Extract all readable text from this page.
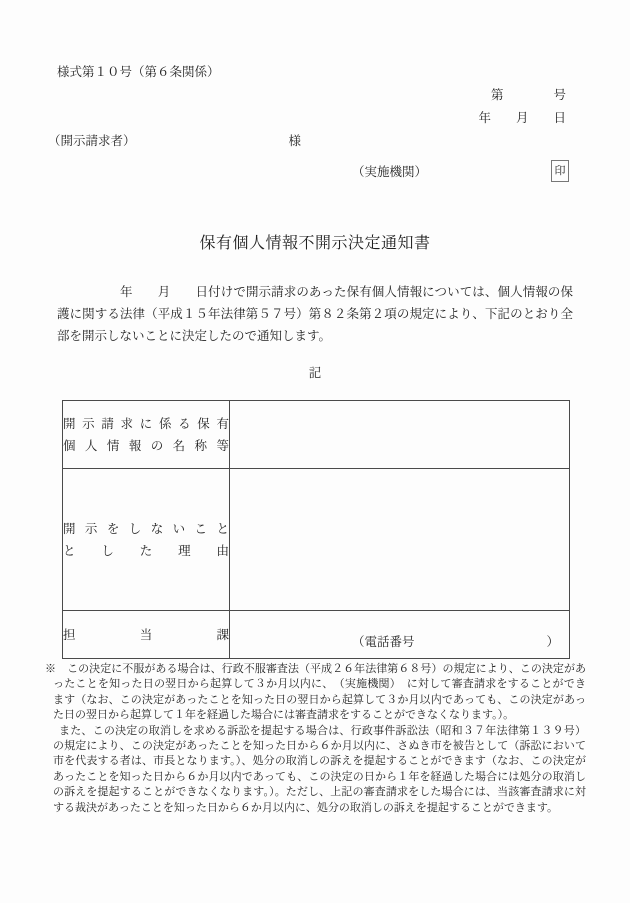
様式第１０号（第６条関係）
第　　　　号
年　　月　　日
（開示請求者）	様
（実施機関）	印
保有個人情報不開示決定通知書

　　　　　年　　月　　日付けで開示請求のあった保有個人情報については、個人情報の保護に関する法律（平成１５年法律第５７号）第８２条第２項の規定により、下記のとおり全部を開示しないことに決定したので通知します。

記
開 示 請 求 に 係 る 保 有
個 人 情 報 の 名 称 等	

開 示 を し な い こ と
と し た 理 由	

担 当 課	（電話番号 ）

※　この決定に不服がある場合は、行政不服審査法（平成２６年法律第６８号）の規定により、この決定があったことを知った日の翌日から起算して３か月以内に、　（実施機関）　に対して審査請求をすることができます（なお、この決定があったことを知った日の翌日から起算して３か月以内であっても、この決定があった日の翌日から起算して１年を経過した場合には審査請求をすることができなくなります。）。

また、この決定の取消しを求める訴訟を提起する場合は、行政事件訴訟法（昭和３７年法律第１３９号）の規定により、この決定があったことを知った日から６か月以内に、さぬき市を被告として（訴訟において市を代表する者は、市長となります。）、処分の取消しの訴えを提起することができます（なお、この決定があったことを知った日から６か月以内であっても、この決定の日から１年を経過した場合には処分の取消しの訴えを提起することができなくなります。）。ただし、上記の審査請求をした場合には、当該審査請求に対する裁決があったことを知った日から６か月以内に、処分の取消しの訴えを提起することができます。
